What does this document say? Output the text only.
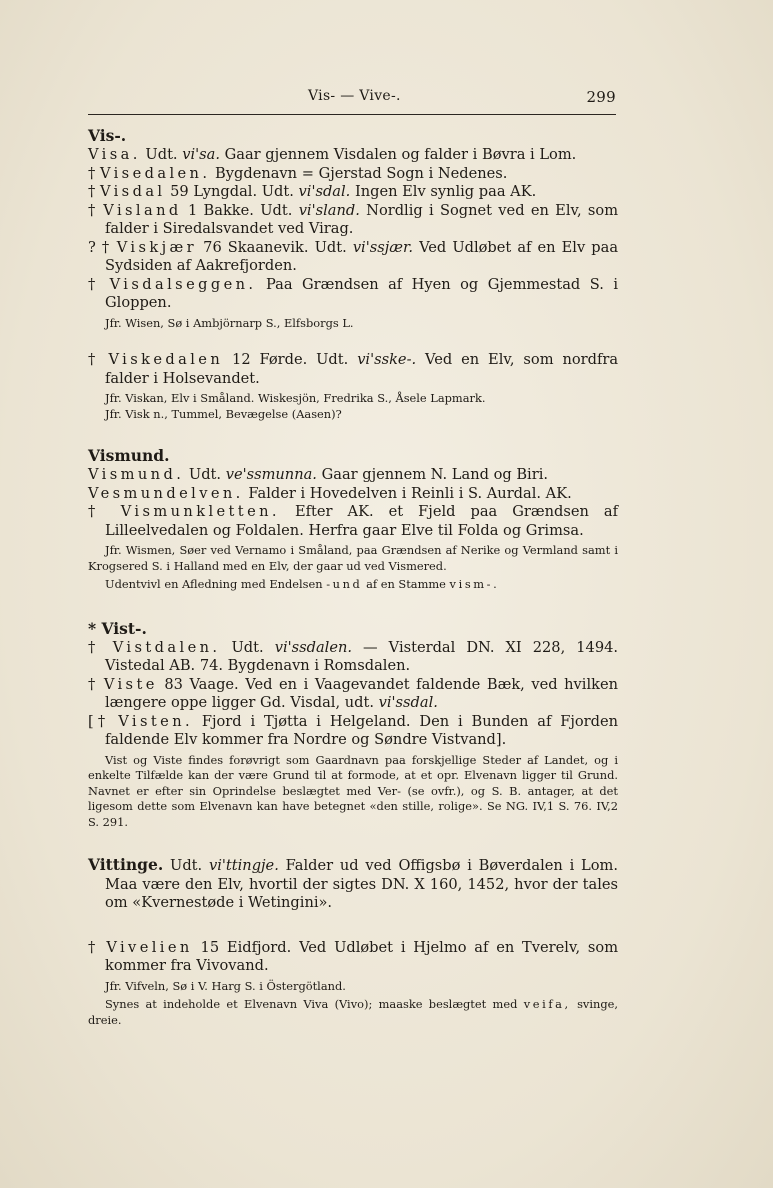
Vis- — Vive-.	299
Vis-.
Visa. Udt. vi'sa. Gaar gjennem Visdalen og falder i Bøvra i Lom.
† Visedalen. Bygdenavn = Gjerstad Sogn i Nedenes.
† Visdal 59 Lyngdal. Udt. vi'sdal. Ingen Elv synlig paa AK.
† Visland 1 Bakke. Udt. vi'sland. Nordlig i Sognet ved en Elv, som falder i Siredalsvandet ved Virag.
? † Viskjær 76 Skaanevik. Udt. vi'ssjær. Ved Udløbet af en Elv paa Sydsiden af Aakrefjorden.
† Visdalseggen. Paa Grændsen af Hyen og Gjemmestad S. i Gloppen.
Jfr. Wisen, Sø i Ambjörnarp S., Elfsborgs L.
† Viskedalen 12 Førde. Udt. vi'sske-. Ved en Elv, som nordfra falder i Holsevandet.
Jfr. Viskan, Elv i Småland. Wiskesjön, Fredrika S., Åsele Lapmark.
Jfr. Visk n., Tummel, Bevægelse (Aasen)?
Vismund.
Vismund. Udt. ve'ssmunna. Gaar gjennem N. Land og Biri.
Vesmundelven. Falder i Hovedelven i Reinli i S. Aurdal. AK.
† Vismunkletten. Efter AK. et Fjeld paa Grændsen af Lilleelvedalen og Foldalen. Herfra gaar Elve til Folda og Grimsa.
Jfr. Wismen, Søer ved Vernamo i Småland, paa Grændsen af Nerike og Vermland samt i Krogsered S. i Halland med en Elv, der gaar ud ved Vismered.
Udentvivl en Afledning med Endelsen -und af en Stamme vism-.
* Vist-.
† Vistdalen. Udt. vi'ssdalen. — Visterdal DN. XI 228, 1494. Vistedal AB. 74. Bygdenavn i Romsdalen.
† Viste 83 Vaage. Ved en i Vaagevandet faldende Bæk, ved hvilken længere oppe ligger Gd. Visdal, udt. vi'ssdal.
[† Visten. Fjord i Tjøtta i Helgeland. Den i Bunden af Fjorden faldende Elv kommer fra Nordre og Søndre Vistvand].
Vist og Viste findes forøvrigt som Gaardnavn paa forskjellige Steder af Landet, og i enkelte Tilfælde kan der være Grund til at formode, at et opr. Elvenavn ligger til Grund. Navnet er efter sin Oprindelse beslægtet med Ver- (se ovfr.), og S. B. antager, at det ligesom dette som Elvenavn kan have betegnet «den stille, rolige». Se NG. IV,1 S. 76. IV,2 S. 291.
Vittinge. Udt. vi'ttingje. Falder ud ved Offigsbø i Bøverdalen i Lom. Maa være den Elv, hvortil der sigtes DN. X 160, 1452, hvor der tales om «Kvernestøde i Wetingini».
† Vivelien 15 Eidfjord. Ved Udløbet i Hjelmo af en Tverelv, som kommer fra Vivovand.
Jfr. Vifveln, Sø i V. Harg S. i Östergötland.
Synes at indeholde et Elvenavn Viva (Vivo); maaske beslægtet med veifa, svinge, dreie.
